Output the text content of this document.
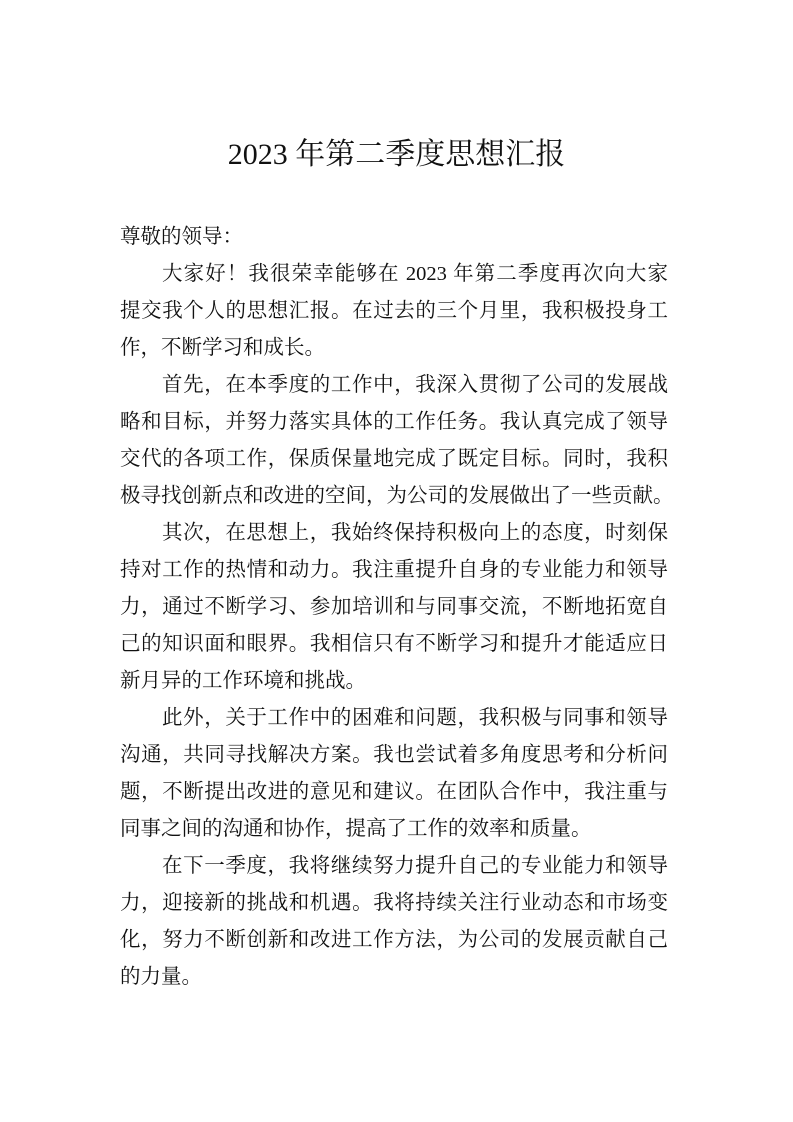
2023 年第二季度思想汇报
尊敬的领导：
大家好！我很荣幸能够在 2023 年第二季度再次向大家
提交我个人的思想汇报。在过去的三个月里，我积极投身工
作，不断学习和成长。
首先，在本季度的工作中，我深入贯彻了公司的发展战
略和目标，并努力落实具体的工作任务。我认真完成了领导
交代的各项工作，保质保量地完成了既定目标。同时，我积
极寻找创新点和改进的空间，为公司的发展做出了一些贡献。
其次，在思想上，我始终保持积极向上的态度，时刻保
持对工作的热情和动力。我注重提升自身的专业能力和领导
力，通过不断学习、参加培训和与同事交流，不断地拓宽自
己的知识面和眼界。我相信只有不断学习和提升才能适应日
新月异的工作环境和挑战。
此外，关于工作中的困难和问题，我积极与同事和领导
沟通，共同寻找解决方案。我也尝试着多角度思考和分析问
题，不断提出改进的意见和建议。在团队合作中，我注重与
同事之间的沟通和协作，提高了工作的效率和质量。
在下一季度，我将继续努力提升自己的专业能力和领导
力，迎接新的挑战和机遇。我将持续关注行业动态和市场变
化，努力不断创新和改进工作方法，为公司的发展贡献自己
的力量。
